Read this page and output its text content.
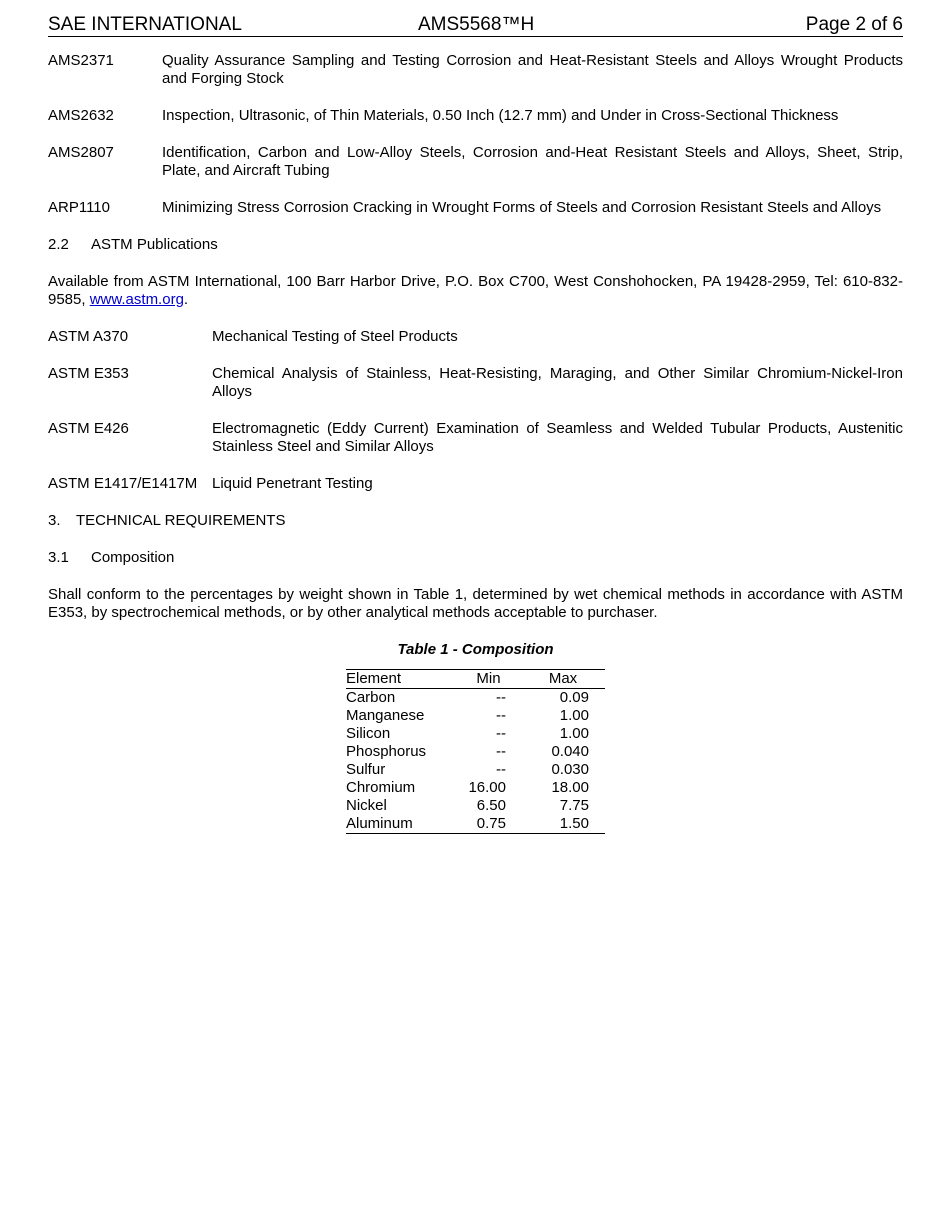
SAE INTERNATIONAL	AMS5568™H	Page 2 of 6
AMS2371	Quality Assurance Sampling and Testing Corrosion and Heat-Resistant Steels and Alloys Wrought Products and Forging Stock
AMS2632	Inspection, Ultrasonic, of Thin Materials, 0.50 Inch (12.7 mm) and Under in Cross-Sectional Thickness
AMS2807	Identification, Carbon and Low-Alloy Steels, Corrosion and-Heat Resistant Steels and Alloys, Sheet, Strip, Plate, and Aircraft Tubing
ARP1110	Minimizing Stress Corrosion Cracking in Wrought Forms of Steels and Corrosion Resistant Steels and Alloys
2.2	ASTM Publications

Available from ASTM International, 100 Barr Harbor Drive, P.O. Box C700, West Conshohocken, PA 19428-2959, Tel: 610-832-9585, www.astm.org.

ASTM A370	Mechanical Testing of Steel Products
ASTM E353	Chemical Analysis of Stainless, Heat-Resisting, Maraging, and Other Similar Chromium-Nickel-Iron Alloys
ASTM E426	Electromagnetic (Eddy Current) Examination of Seamless and Welded Tubular Products, Austenitic Stainless Steel and Similar Alloys
ASTM E1417/E1417M Liquid Penetrant Testing
3.	TECHNICAL REQUIREMENTS
3.1	Composition

Shall conform to the percentages by weight shown in Table 1, determined by wet chemical methods in accordance with ASTM E353, by spectrochemical methods, or by other analytical methods acceptable to purchaser.

Table 1 - Composition
Element	Min	Max
Carbon	--	0.09
Manganese	--	1.00
Silicon	--	1.00
Phosphorus	--	0.040
Sulfur	--	0.030
Chromium	16.00	18.00
Nickel	6.50	7.75
Aluminum	0.75	1.50
